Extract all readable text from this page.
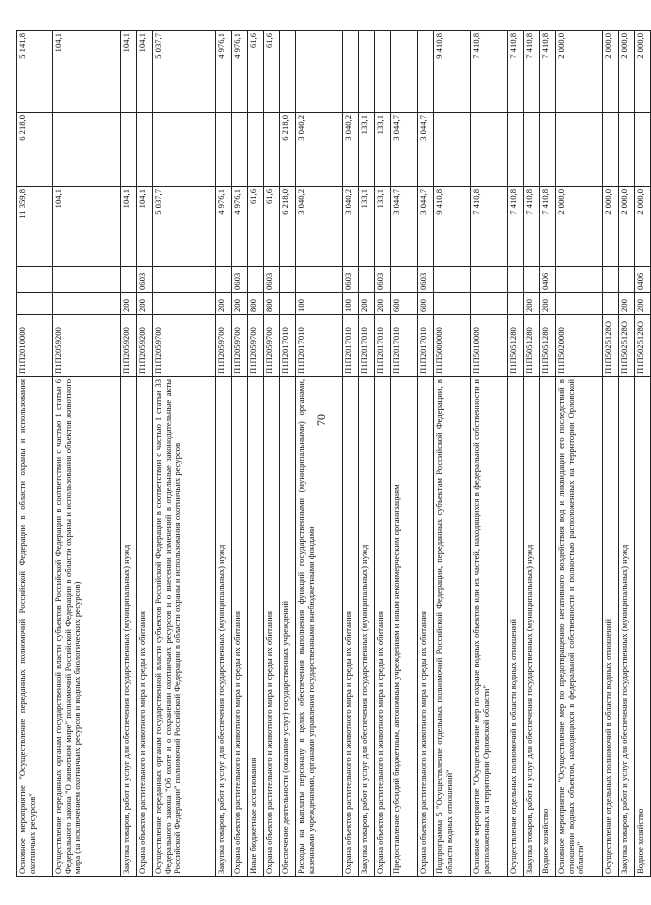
70
Основное мероприятие "Осуществление переданных полномочий Российской Федерации в области охраны и использования охотничьих ресурсов"	П1П2010000			11 359,8	6 218,0	5 141,8
Осуществление переданных органам государственной власти субъектов Российской Федерации в соответствии с частью 1 статьи 6 Федерального закона "О животном мире" полномочий Российской Федерации в области охраны и использования объектов животного мира (за исключением охотничьих ресурсов и водных биологических ресурсов)	П1П2059200			104,1		104,1
Закупка товаров, работ и услуг для обеспечения государственных (муниципальных) нужд	П1П2059200	200		104,1		104,1
Охрана объектов растительного и животного мира и среды их обитания	П1П2059200	200	0603	104,1		104,1
Осуществление переданных органам государственной власти субъектов Российской Федерации в соответствии с частью 1 статьи 33 Федерального закона "Об охоте и о сохранении охотничьих ресурсов и о внесении изменений в отдельные законодательные акты Российской Федерации" полномочий Российской Федерации в области охраны и использования охотничьих ресурсов	П1П2059700			5 037,7		5 037,7
Закупка товаров, работ и услуг для обеспечения государственных (муниципальных) нужд	П1П2059700	200		4 976,1		4 976,1
Охрана объектов растительного и животного мира и среды их обитания	П1П2059700	200	0603	4 976,1		4 976,1
Иные бюджетные ассигнования	П1П2059700	800		61,6		61,6
Охрана объектов растительного и животного мира и среды их обитания	П1П2059700	800	0603	61,6		61,6
Обеспечение деятельности (оказание услуг) государственных учреждений	П1П2017010			6 218,0	6 218,0	
Расходы на выплаты персоналу в целях обеспечения выполнения функций государственными (муниципальными) органами, казенными учреждениями, органами управления государственными внебюджетными фондами	П1П2017010	100		3 040,2	3 040,2	
Охрана объектов растительного и животного мира и среды их обитания	П1П2017010	100	0603	3 040,2	3 040,2	
Закупка товаров, работ и услуг для обеспечения государственных (муниципальных) нужд	П1П2017010	200		133,1	133,1	
Охрана объектов растительного и животного мира и среды их обитания	П1П2017010	200	0603	133,1	133,1	
Предоставление субсидий бюджетным, автономным учреждениям и иным некоммерческим организациям	П1П2017010	600		3 044,7	3 044,7	
Охрана объектов растительного и животного мира и среды их обитания	П1П2017010	600	0603	3 044,7	3 044,7	
Подпрограмма 5 "Осуществление отдельных полномочий Российской Федерации, переданных субъектам Российской Федерации, в области водных отношений"	П1П5000000			9 410,8		9 410,8
Основное мероприятие "Осуществление мер по охране водных объектов или их частей, находящихся в федеральной собственности и расположенных на территории Орловской области"	П1П5010000			7 410,8		7 410,8
Осуществление отдельных полномочий в области водных отношений	П1П5051280			7 410,8		7 410,8
Закупка товаров, работ и услуг для обеспечения государственных (муниципальных) нужд	П1П5051280	200		7 410,8		7 410,8
Водное хозяйство	П1П5051280	200	0406	7 410,8		7 410,8
Основное мероприятие "Осуществление мер по предотвращению негативного воздействия вод и ликвидации его последствий в отношении водных объектов, находящихся в федеральной собственности и полностью расположенных на территории Орловской области"	П1П5020000			2 000,0		2 000,0
Осуществление отдельных полномочий в области водных отношений	П1П5025128О			2 000,0		2 000,0
Закупка товаров, работ и услуг для обеспечения государственных (муниципальных) нужд	П1П5025128О	200		2 000,0		2 000,0
Водное хозяйство	П1П5025128О	200	0406	2 000,0		2 000,0
